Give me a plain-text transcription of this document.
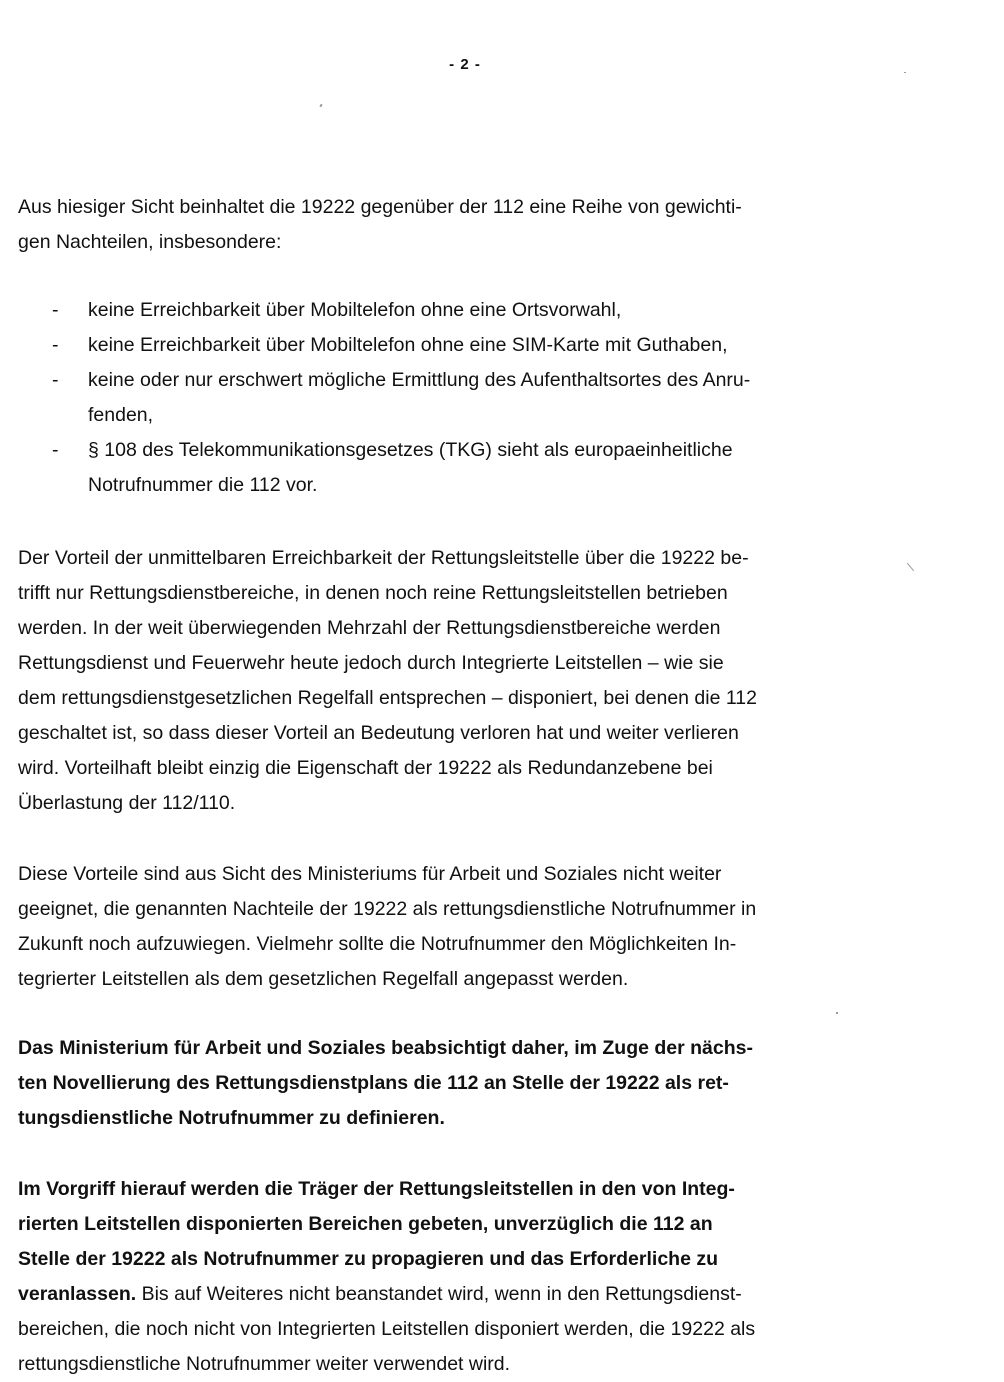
- 2 -
Aus hiesiger Sicht beinhaltet die 19222 gegenüber der 112 eine Reihe von gewichti-
gen Nachteilen, insbesondere:
- keine Erreichbarkeit über Mobiltelefon ohne eine Ortsvorwahl,
- keine Erreichbarkeit über Mobiltelefon ohne eine SIM-Karte mit Guthaben,
- keine oder nur erschwert mögliche Ermittlung des Aufenthaltsortes des Anru-
fenden,
- § 108 des Telekommunikationsgesetzes (TKG) sieht als europaeinheitliche
Notrufnummer die 112 vor.
Der Vorteil der unmittelbaren Erreichbarkeit der Rettungsleitstelle über die 19222 be-
trifft nur Rettungsdienstbereiche, in denen noch reine Rettungsleitstellen betrieben
werden. In der weit überwiegenden Mehrzahl der Rettungsdienstbereiche werden
Rettungsdienst und Feuerwehr heute jedoch durch Integrierte Leitstellen – wie sie
dem rettungsdienstgesetzlichen Regelfall entsprechen – disponiert, bei denen die 112
geschaltet ist, so dass dieser Vorteil an Bedeutung verloren hat und weiter verlieren
wird. Vorteilhaft bleibt einzig die Eigenschaft der 19222 als Redundanzebene bei
Überlastung der 112/110.
Diese Vorteile sind aus Sicht des Ministeriums für Arbeit und Soziales nicht weiter
geeignet, die genannten Nachteile der 19222 als rettungsdienstliche Notrufnummer in
Zukunft noch aufzuwiegen. Vielmehr sollte die Notrufnummer den Möglichkeiten In-
tegrierter Leitstellen als dem gesetzlichen Regelfall angepasst werden.
Das Ministerium für Arbeit und Soziales beabsichtigt daher, im Zuge der nächs-
ten Novellierung des Rettungsdienstplans die 112 an Stelle der 19222 als ret-
tungsdienstliche Notrufnummer zu definieren.
Im Vorgriff hierauf werden die Träger der Rettungsleitstellen in den von Integ-
rierten Leitstellen disponierten Bereichen gebeten, unverzüglich die 112 an
Stelle der 19222 als Notrufnummer zu propagieren und das Erforderliche zu
veranlassen. Bis auf Weiteres nicht beanstandet wird, wenn in den Rettungsdienst-
bereichen, die noch nicht von Integrierten Leitstellen disponiert werden, die 19222 als
rettungsdienstliche Notrufnummer weiter verwendet wird.
